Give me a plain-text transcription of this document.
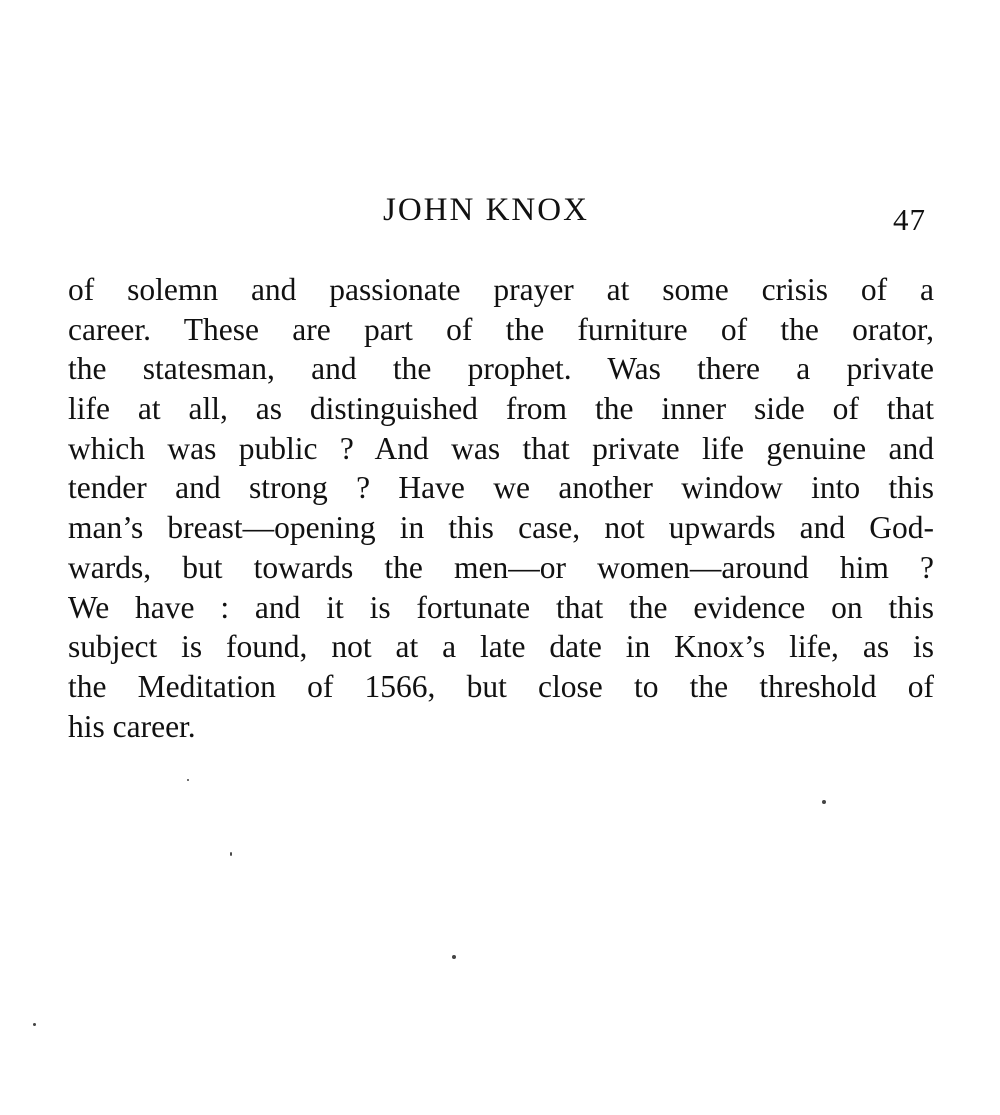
JOHN KNOX	47
of solemn and passionate prayer at some crisis of a
career. These are part of the furniture of the orator,
the statesman, and the prophet. Was there a private
life at all, as distinguished from the inner side of that
which was public ? And was that private life genuine and
tender and strong ? Have we another window into this
man’s breast—opening in this case, not upwards and God-
wards, but towards the men—or women—around him ?
We have : and it is fortunate that the evidence on this
subject is found, not at a late date in Knox’s life, as is
the Meditation of 1566, but close to the threshold of
his career.
